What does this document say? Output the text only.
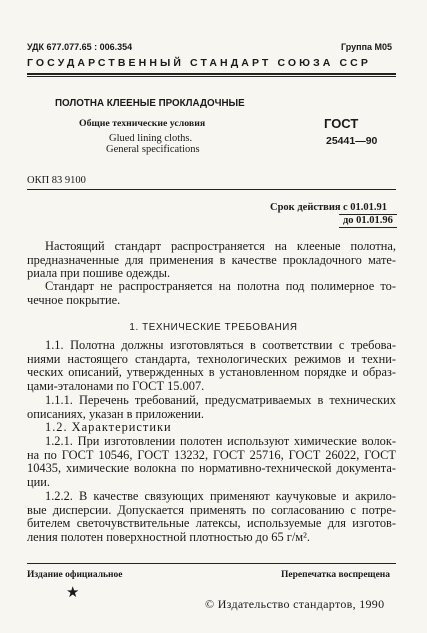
УДК 677.077.65 : 006.354	Группа М05
ГОСУДАРСТВЕННЫЙ СТАНДАРТ СОЮЗА ССР
ПОЛОТНА КЛЕЕНЫЕ ПРОКЛАДОЧНЫЕ
Общие технические условия
Glued lining cloths.
General specifications
ГОСТ
25441—90
ОКП 83 9100
Срок действия с 01.01.91
до 01.01.96
Настоящий стандарт распространяется на клееные полотна,
предназначенные для применения в качестве прокладочного мате-
риала при пошиве одежды.
Стандарт не распространяется на полотна под полимерное то-
чечное покрытие.
1. ТЕХНИЧЕСКИЕ ТРЕБОВАНИЯ
1.1. Полотна должны изготовляться в соответствии с требова-
ниями настоящего стандарта, технологических режимов и техни-
ческих описаний, утвержденных в установленном порядке и образ-
цами-эталонами по ГОСТ 15.007.
1.1.1. Перечень требований, предусматриваемых в технических
описаниях, указан в приложении.
1.2. Характеристики
1.2.1. При изготовлении полотен используют химические волок-
на по ГОСТ 10546, ГОСТ 13232, ГОСТ 25716, ГОСТ 26022, ГОСТ
10435, химические волокна по нормативно-технической документа-
ции.
1.2.2. В качестве связующих применяют каучуковые и акрило-
вые дисперсии. Допускается применять по согласованию с потре-
бителем светочувствительные латексы, используемые для изготов-
ления полотен поверхностной плотностью до 65 г/м².
Издание официальное	Перепечатка воспрещена
★
© Издательство стандартов, 1990
